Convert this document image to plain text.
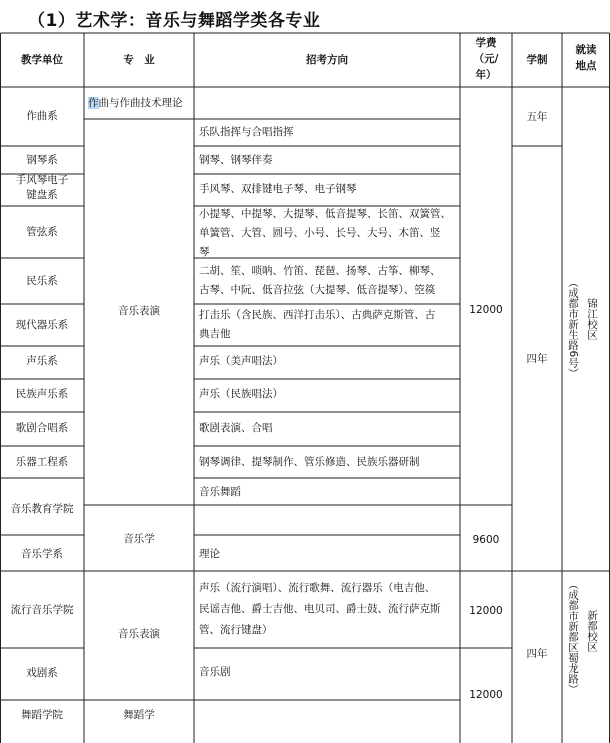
（1）艺术学：音乐与舞蹈学类各专业
教学单位	专　业	招考方向
学费
（元/
年）
学制
就读
地点
作曲系
钢琴系
手风琴电子
键盘系
管弦系
民乐系
现代器乐系
声乐系
民族声乐系
歌剧合唱系
乐器工程系
音乐教育学院
音乐学系
流行音乐学院
戏剧系
舞蹈学院
作曲与作曲技术理论
音乐表演
音乐学
音乐表演
舞蹈学
乐队指挥与合唱指挥
钢琴、钢琴伴奏
手风琴、双排键电子琴、电子钢琴
小提琴、中提琴、大提琴、低音提琴、长笛、双簧管、
单簧管、大管、圆号、小号、长号、大号、木笛、竖
琴
二胡、笙、唢呐、竹笛、琵琶、扬琴、古筝、柳琴、
古琴、中阮、低音拉弦（大提琴、低音提琴）、箜篌
打击乐（含民族、西洋打击乐）、古典萨克斯管、古
典吉他
声乐（美声唱法）
声乐（民族唱法）
歌剧表演、合唱
钢琴调律、提琴制作、管乐修造、民族乐器研制
音乐舞蹈
理论
声乐（流行演唱）、流行歌舞、流行器乐（电吉他、
民谣吉他、爵士吉他、电贝司、爵士鼓、流行萨克斯
管、流行键盘）
音乐剧
12000
9600
12000
12000
五年
四年
四年
（成都市新生路6号） 锦江校区
（成都市新都区蜀龙路） 新都校区
